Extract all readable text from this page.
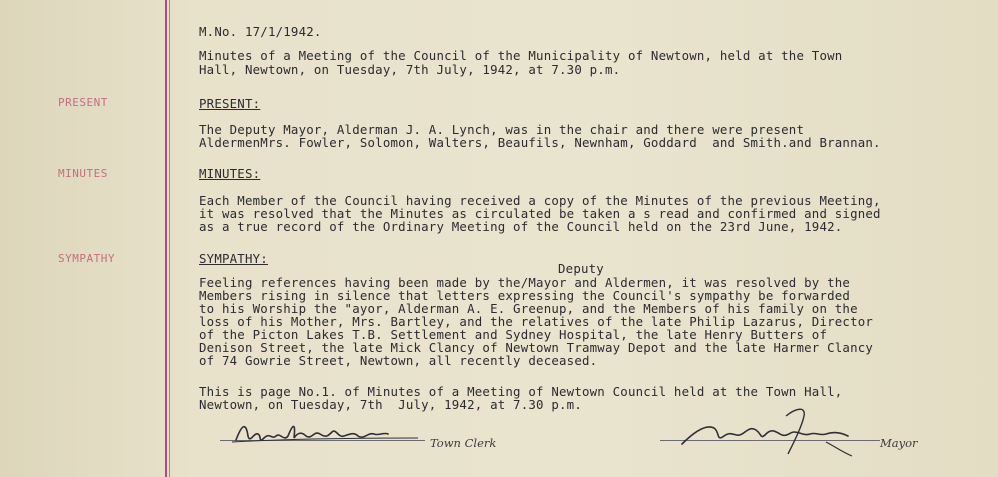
PRESENT
MINUTES
SYMPATHY
M.No. 17/1/1942.
Minutes of a Meeting of the Council of the Municipality of Newtown, held at the Town
Hall, Newtown, on Tuesday, 7th July, 1942, at 7.30 p.m.
PRESENT:
The Deputy Mayor, Alderman J. A. Lynch, was in the chair and there were present
AldermenMrs. Fowler, Solomon, Walters, Beaufils, Newnham, Goddard  and Smith.and Brannan.
MINUTES:
Each Member of the Council having received a copy of the Minutes of the previous Meeting,
it was resolved that the Minutes as circulated be taken a s read and confirmed and signed
as a true record of the Ordinary Meeting of the Council held on the 23rd June, 1942.
SYMPATHY:
Deputy
Feeling references having been made by the/Mayor and Aldermen, it was resolved by the
Members rising in silence that letters expressing the Council's sympathy be forwarded
to his Worship the "ayor, Alderman A. E. Greenup, and the Members of his family on the
loss of his Mother, Mrs. Bartley, and the relatives of the late Philip Lazarus, Director
of the Picton Lakes T.B. Settlement and Sydney Hospital, the late Henry Butters of
Denison Street, the late Mick Clancy of Newtown Tramway Depot and the late Harmer Clancy
of 74 Gowrie Street, Newtown, all recently deceased.
This is page No.1. of Minutes of a Meeting of Newtown Council held at the Town Hall,
Newtown, on Tuesday, 7th  July, 1942, at 7.30 p.m.
Town Clerk	Mayor
